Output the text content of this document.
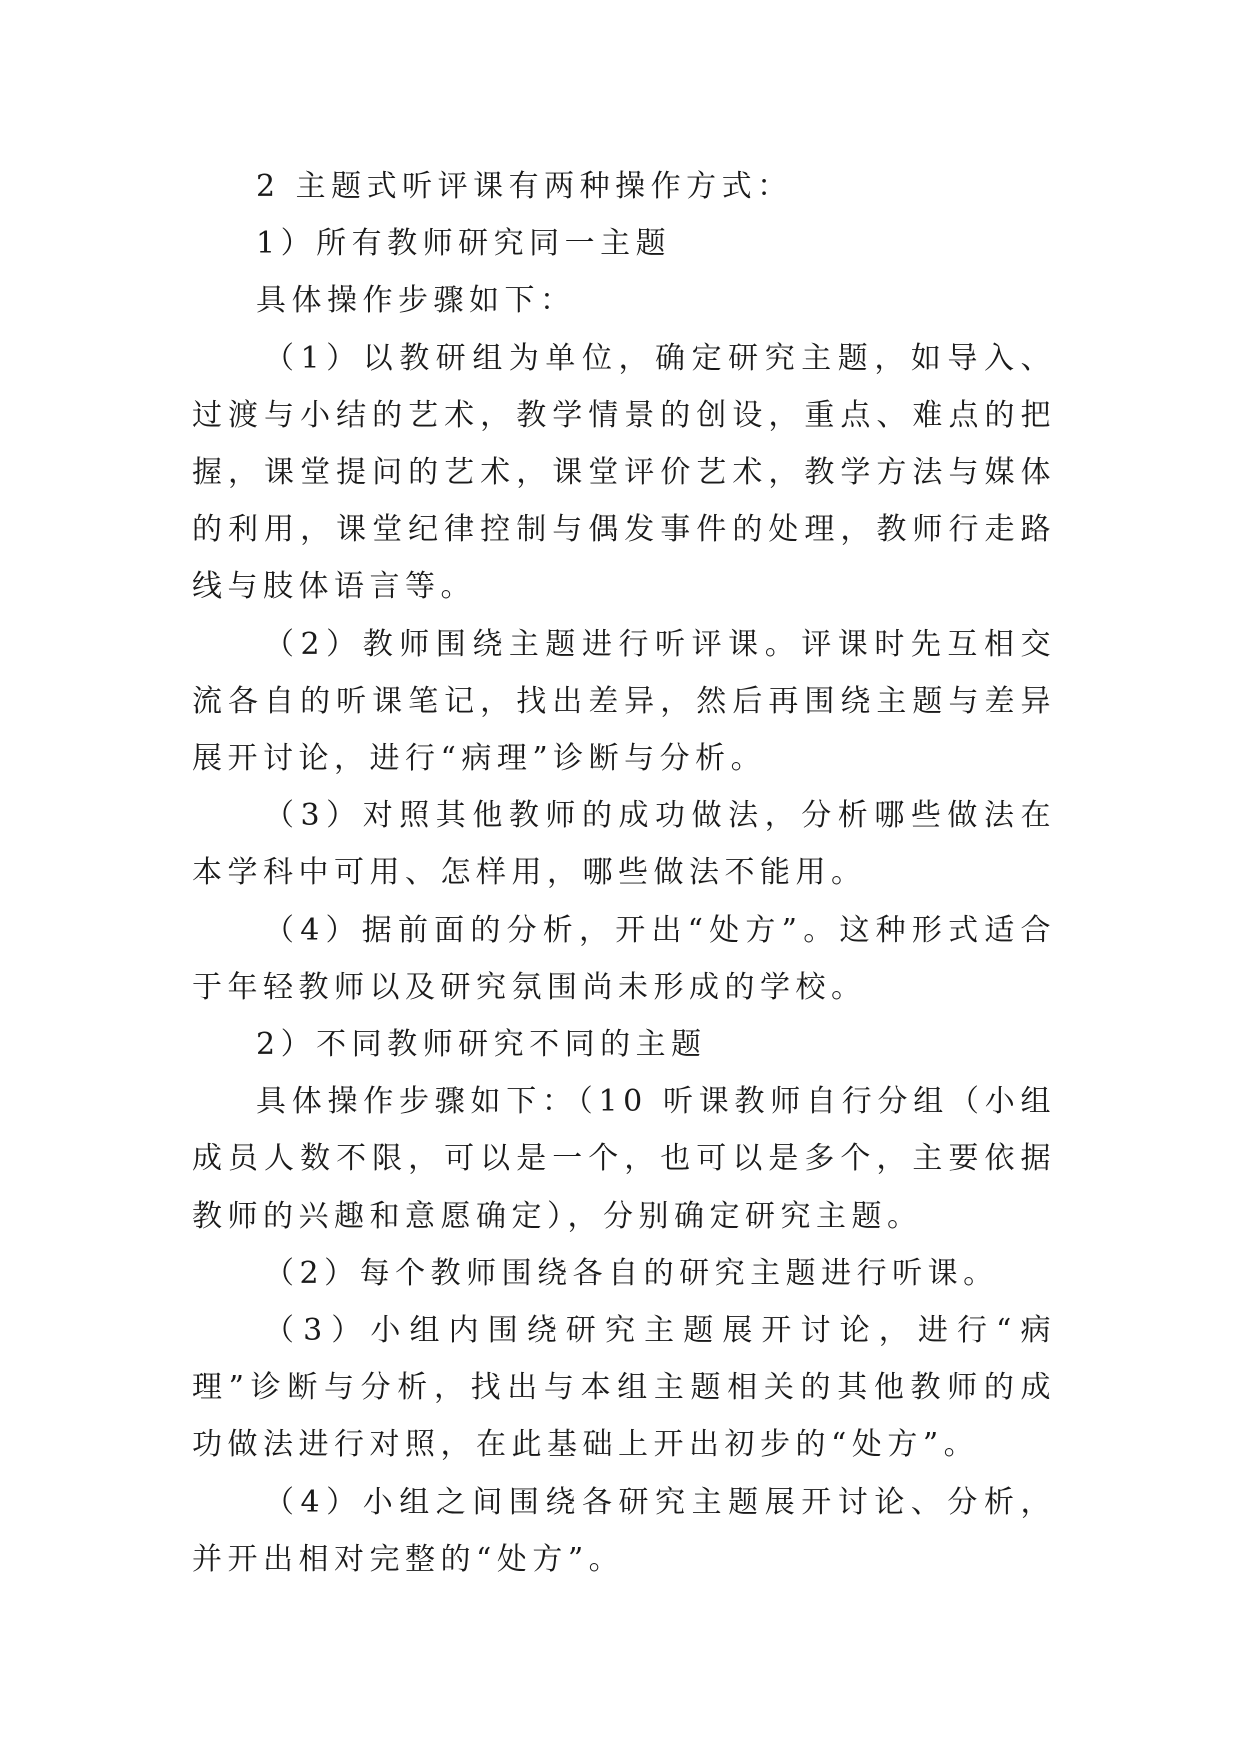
2 主题式听评课有两种操作方式：

1）所有教师研究同一主题

具体操作步骤如下：

（1）以教研组为单位，确定研究主题，如导入、过渡与小结的艺术，教学情景的创设，重点、难点的把握，课堂提问的艺术，课堂评价艺术，教学方法与媒体的利用，课堂纪律控制与偶发事件的处理，教师行走路线与肢体语言等。

（2）教师围绕主题进行听评课。评课时先互相交流各自的听课笔记，找出差异，然后再围绕主题与差异展开讨论，进行“病理”诊断与分析。

（3）对照其他教师的成功做法，分析哪些做法在本学科中可用、怎样用，哪些做法不能用。

（4）据前面的分析，开出“处方”。这种形式适合于年轻教师以及研究氛围尚未形成的学校。

2）不同教师研究不同的主题

具体操作步骤如下：（10 听课教师自行分组（小组成员人数不限，可以是一个，也可以是多个，主要依据教师的兴趣和意愿确定），分别确定研究主题。

（2）每个教师围绕各自的研究主题进行听课。

（3）小组内围绕研究主题展开讨论，进行“病理”诊断与分析，找出与本组主题相关的其他教师的成功做法进行对照，在此基础上开出初步的“处方”。

（4）小组之间围绕各研究主题展开讨论、分析，并开出相对完整的“处方”。
